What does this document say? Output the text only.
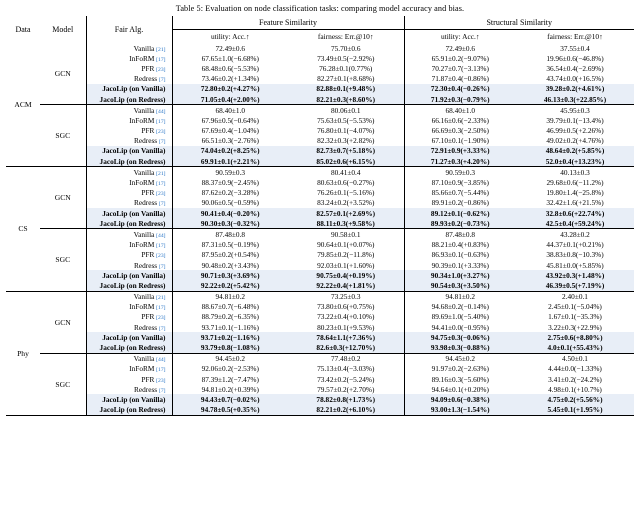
Table 5: Evaluation on node classification tasks: comparing model accuracy and bias.
Data	Model	Fair Alg.	Feature Similarity		Structural Similarity	
			utility: Acc.↑	fairness: Err.@10↑	utility: Acc.↑	fairness: Err.@10↑
ACM	GCN	Vanilla [21]	72.49±0.6	75.70±0.6	72.49±0.6	37.55±0.4
		InFoRM [17]	67.65±1.0(−6.68%)	73.49±0.5(−2.92%)	65.91±0.2(−9.07%)	19.96±0.6(−46.8%)
		PFR [23]	68.48±0.6(−5.53%)	76.28±0.1(0.77%)	70.27±0.7(−3.13%)	36.54±0.4(−2.69%)
		Redress [7]	73.46±0.2(+1.34%)	82.27±0.1(+8.68%)	71.87±0.4(−0.86%)	43.74±0.0(+16.5%)
		JacoLip (on Vanilla)	72.80±0.2(+4.27%)	82.88±0.1(+9.48%)	72.30±0.4(−0.26%)	39.28±0.2(+4.61%)
		JacoLip (on Redress)	71.05±0.4(+2.00%)	82.21±0.3(+8.60%)	71.92±0.3(−0.79%)	46.13±0.3(+22.85%)
	SGC	Vanilla [44]	68.40±1.0	80.06±0.1	68.40±1.0	45.95±0.3
		InFoRM [17]	67.96±0.5(−0.64%)	75.63±0.5(−5.53%)	66.16±0.6(−2.33%)	39.79±0.1(−13.4%)
		PFR [23]	67.69±0.4(−1.04%)	76.80±0.1(−4.07%)	66.69±0.3(−2.50%)	46.99±0.5(+2.26%)
		Redress [7]	66.51±0.3(−2.76%)	82.32±0.3(+2.82%)	67.10±0.1(−1.90%)	49.02±0.2(+4.76%)
		JacoLip (on Vanilla)	74.04±0.2(+8.25%)	82.73±0.7(+5.18%)	72.91±0.9(+3.33%)	48.64±0.2(+5.85%)
		JacoLip (on Redress)	69.91±0.1(+2.21%)	85.02±0.6(+6.15%)	71.27±0.3(+4.20%)	52.0±0.4(+13.23%)
CS	GCN	Vanilla [21]	90.59±0.3	80.41±0.4	90.59±0.3	40.13±0.3
		InFoRM [17]	88.37±0.9(−2.45%)	80.63±0.6(−0.27%)	87.10±0.9(−3.85%)	29.68±0.6(−11.2%)
		PFR [23]	87.62±0.2(−3.28%)	76.26±0.1(−5.16%)	85.66±0.7(−5.44%)	19.80±1.4(−25.8%)
		Redress [7]	90.06±0.5(−0.59%)	83.24±0.2(+3.52%)	89.91±0.2(−0.86%)	32.42±1.6(+21.5%)
		JacoLip (on Vanilla)	90.41±0.4(−0.20%)	82.57±0.1(+2.69%)	89.12±0.1(−0.62%)	32.8±0.6(+22.74%)
		JacoLip (on Redress)	90.30±0.3(−0.32%)	88.11±0.3(+9.58%)	89.93±0.2(−0.73%)	42.5±0.4(+59.24%)
	SGC	Vanilla [44]	87.48±0.8	90.58±0.1	87.48±0.8	43.28±0.2
		InFoRM [17]	87.31±0.5(−0.19%)	90.64±0.1(+0.07%)	88.21±0.4(+0.83%)	44.37±0.1(+0.21%)
		PFR [23]	87.95±0.2(+0.54%)	79.85±0.2(−11.8%)	86.93±0.1(−0.63%)	38.83±0.8(−10.3%)
		Redress [7]	90.48±0.2(+3.43%)	92.03±0.1(+1.60%)	90.39±0.1(+3.33%)	45.81±0.0(+5.85%)
		JacoLip (on Vanilla)	90.71±0.3(+3.69%)	90.75±0.4(+0.19%)	90.34±1.0(+3.27%)	43.92±0.3(+1.48%)
		JacoLip (on Redress)	92.22±0.2(+5.42%)	92.22±0.4(+1.81%)	90.54±0.3(+3.50%)	46.39±0.5(+7.19%)
Phy	GCN	Vanilla [21]	94.81±0.2	73.25±0.3	94.81±0.2	2.40±0.1
		InFoRM [17]	88.67±0.7(−6.48%)	73.80±0.6(+0.75%)	94.68±0.2(−0.14%)	2.45±0.1(−5.04%)
		PFR [23]	88.79±0.2(−6.35%)	73.22±0.4(+0.10%)	89.69±1.0(−5.40%)	1.67±0.1(−35.3%)
		Redress [7]	93.71±0.1(−1.16%)	80.23±0.1(+9.53%)	94.41±0.0(−0.95%)	3.22±0.3(+22.9%)
		JacoLip (on Vanilla)	93.71±0.2(−1.16%)	78.64±1.1(+7.36%)	94.75±0.3(−0.06%)	2.75±0.6(+8.80%)
		JacoLip (on Redress)	93.79±0.8(−1.08%)	82.6±0.3(+12.70%)	93.98±0.3(−0.88%)	4.0±0.1(+55.43%)
	SGC	Vanilla [44]	94.45±0.2	77.48±0.2	94.45±0.2	4.50±0.1
		InFoRM [17]	92.06±0.2(−2.53%)	75.13±0.4(−3.03%)	91.97±0.2(−2.63%)	4.44±0.0(−1.33%)
		PFR [23]	87.39±1.2(−7.47%)	73.42±0.2(−5.24%)	89.16±0.3(−5.60%)	3.41±0.2(−24.2%)
		Redress [7]	94.81±0.2(+0.39%)	79.57±0.2(+2.70%)	94.64±0.1(+0.20%)	4.98±0.1(+10.7%)
		JacoLip (on Vanilla)	94.43±0.7(−0.02%)	78.82±0.8(+1.73%)	94.09±0.6(−0.38%)	4.75±0.2(+5.56%)
		JacoLip (on Redress)	94.78±0.5(+0.35%)	82.21±0.2(+6.10%)	93.00±1.3(−1.54%)	5.45±0.1(+1.95%)
